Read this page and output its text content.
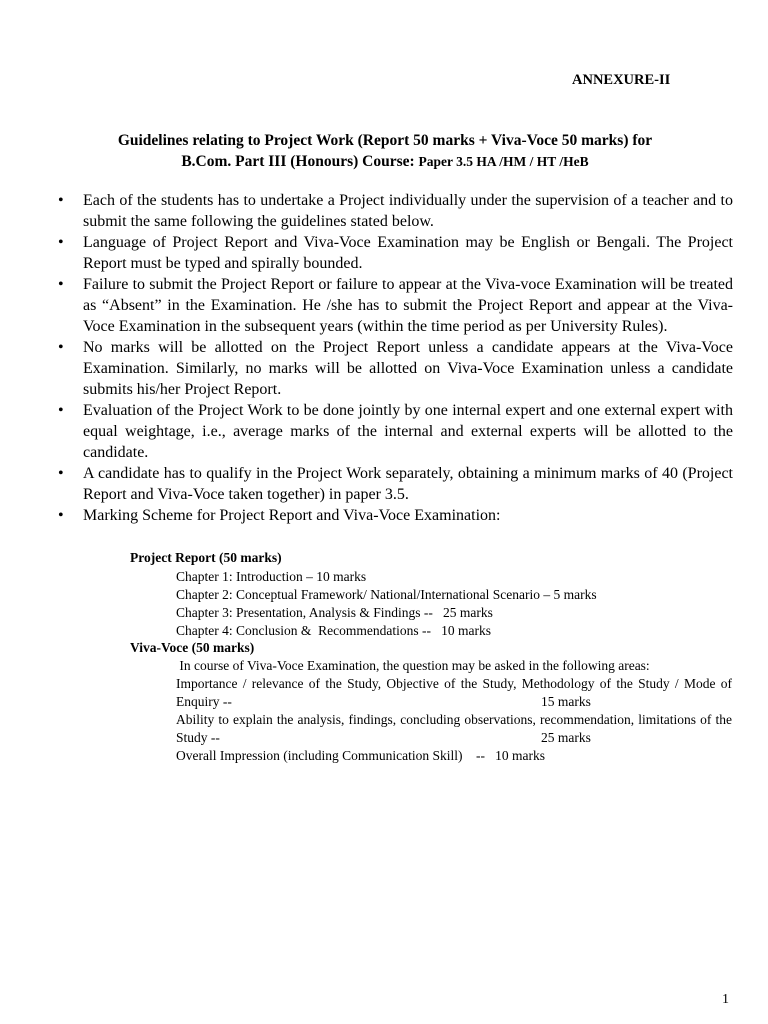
ANNEXURE-II
Guidelines relating to Project Work (Report 50 marks + Viva-Voce 50 marks) for
B.Com. Part III (Honours) Course: Paper 3.5 HA /HM / HT /HeB
• Each of the students has to undertake a Project individually under the supervision of a teacher and to submit the same following the guidelines stated below.
• Language of Project Report and Viva-Voce Examination may be English or Bengali. The Project Report must be typed and spirally bounded.
• Failure to submit the Project Report or failure to appear at the Viva-voce Examination will be treated as “Absent” in the Examination. He /she has to submit the Project Report and appear at the Viva-Voce Examination in the subsequent years (within the time period as per University Rules).
• No marks will be allotted on the Project Report unless a candidate appears at the Viva-Voce Examination. Similarly, no marks will be allotted on Viva-Voce Examination unless a candidate submits his/her Project Report.
• Evaluation of the Project Work to be done jointly by one internal expert and one external expert with equal weightage, i.e., average marks of the internal and external experts will be allotted to the candidate.
• A candidate has to qualify in the Project Work separately, obtaining a minimum marks of 40 (Project Report and Viva-Voce taken together) in paper 3.5.
• Marking Scheme for Project Report and Viva-Voce Examination:
Project Report (50 marks)
Chapter 1: Introduction – 10 marks
Chapter 2: Conceptual Framework/ National/International Scenario – 5 marks
Chapter 3: Presentation, Analysis & Findings --   25 marks
Chapter 4: Conclusion &  Recommendations --   10 marks
Viva-Voce (50 marks)
In course of Viva-Voce Examination, the question may be asked in the following areas:
Importance / relevance of the Study, Objective of the Study, Methodology of the Study / Mode of Enquiry --	15 marks
Ability to explain the analysis, findings, concluding observations, recommendation, limitations of the Study --	25 marks
Overall Impression (including Communication Skill)    --   10 marks
1
